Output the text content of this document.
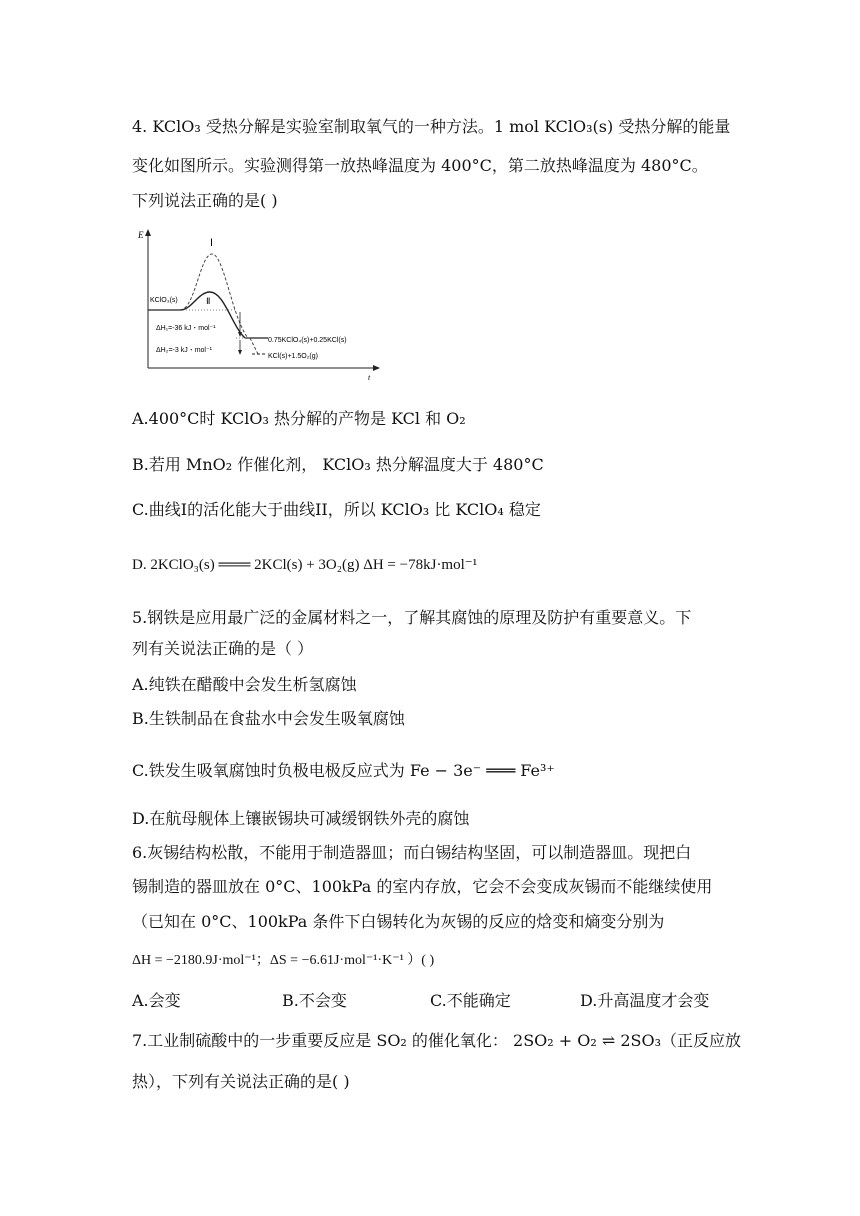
4. KClO₃ 受热分解是实验室制取氧气的一种方法。1 mol KClO₃(s) 受热分解的能量
变化如图所示。实验测得第一放热峰温度为 400°C，第二放热峰温度为 480°C。
下列说法正确的是( )
E
t
Ⅰ
Ⅱ
KClO₃(s)
ΔH₁=-36 kJ・mol⁻¹
ΔH₂=-3 kJ・mol⁻¹
0.75KClO₄(s)+0.25KCl(s)
KCl(s)+1.5O₂(g)
A.400°C时 KClO₃ 热分解的产物是 KCl 和 O₂
B.若用 MnO₂ 作催化剂， KClO₃ 热分解温度大于 480°C
C.曲线I的活化能大于曲线II，所以 KClO₃ 比 KClO₄ 稳定
D. 2KClO₃(s) ═══ 2KCl(s) + 3O₂(g) ΔH = −78kJ·mol⁻¹
5.钢铁是应用最广泛的金属材料之一，了解其腐蚀的原理及防护有重要意义。下
列有关说法正确的是（ ）
A.纯铁在醋酸中会发生析氢腐蚀
B.生铁制品在食盐水中会发生吸氧腐蚀
C.铁发生吸氧腐蚀时负极电极反应式为 Fe − 3e⁻ ═══ Fe³⁺
D.在航母舰体上镶嵌锡块可减缓钢铁外壳的腐蚀
6.灰锡结构松散，不能用于制造器皿；而白锡结构坚固，可以制造器皿。现把白
锡制造的器皿放在 0°C、100kPa 的室内存放，它会不会变成灰锡而不能继续使用
（已知在 0°C、100kPa 条件下白锡转化为灰锡的反应的焓变和熵变分别为
ΔH = −2180.9J·mol⁻¹；ΔS = −6.61J·mol⁻¹·K⁻¹ ）( )
A.会变	B.不会变	C.不能确定	D.升高温度才会变
7.工业制硫酸中的一步重要反应是 SO₂ 的催化氧化： 2SO₂ + O₂ ⇌ 2SO₃（正反应放
热），下列有关说法正确的是( )
